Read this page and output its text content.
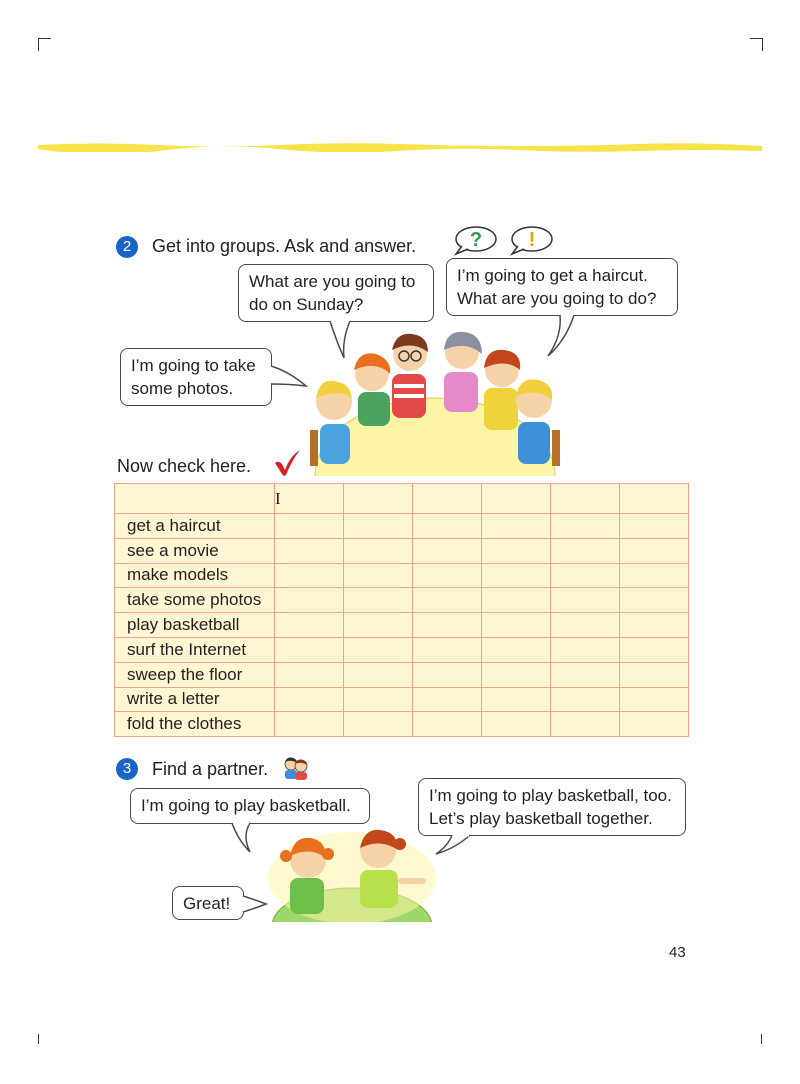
2	Get into groups. Ask and answer.	? !
What are you going to do on Sunday?
I’m going to get a haircut. What are you going to do?
I’m going to take some photos.
Now check here.
	I					
get a haircut						
see a movie						
make models						
take some photos						
play basketball						
surf the Internet						
sweep the floor						
write a letter						
fold the clothes						
3	Find a partner.
I’m going to play basketball.
I’m going to play basketball, too. Let’s play basketball together.
Great!
43
